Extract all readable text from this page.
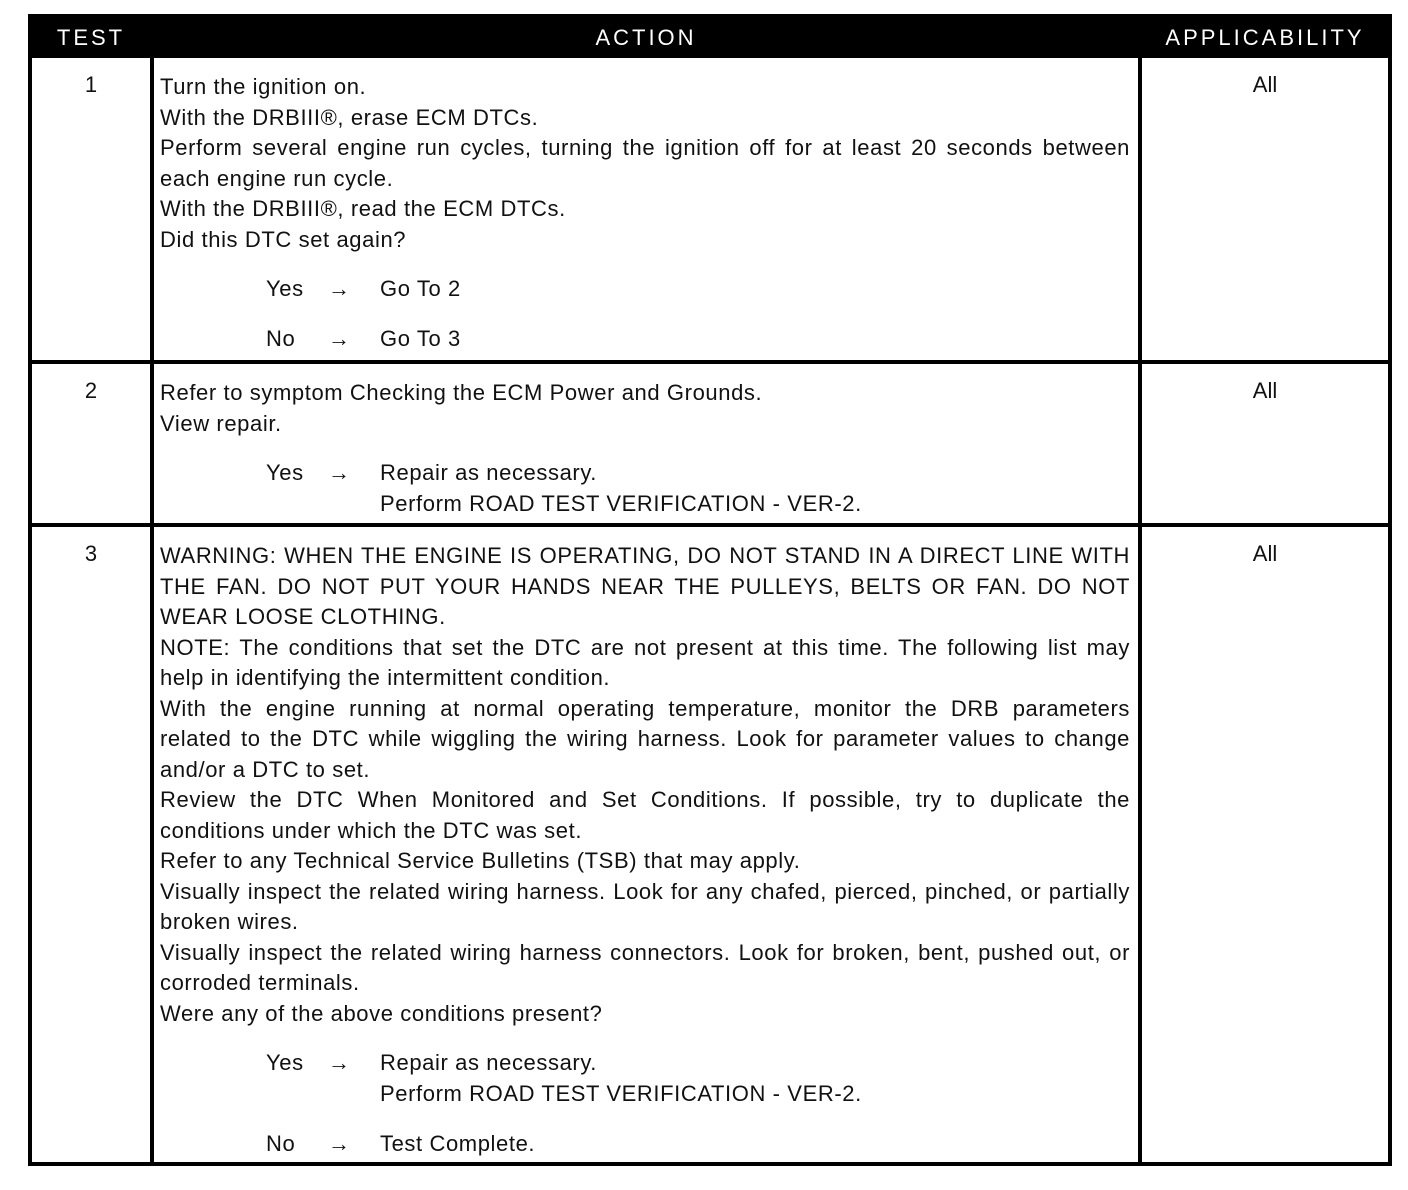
TEST	ACTION	APPLICABILITY
1	Turn the ignition on.

With the DRBIII®, erase ECM DTCs.

Perform several engine run cycles, turning the ignition off for at least 20 seconds between each engine run cycle.

With the DRBIII®, read the ECM DTCs.

Did this DTC set again?

Yes → Go To 2
No → Go To 3
All
2	Refer to symptom Checking the ECM Power and Grounds.

View repair.

Yes → Repair as necessary.
Perform ROAD TEST VERIFICATION - VER-2.
All
3	WARNING: WHEN THE ENGINE IS OPERATING, DO NOT STAND IN A DIRECT LINE WITH THE FAN. DO NOT PUT YOUR HANDS NEAR THE PULLEYS, BELTS OR FAN. DO NOT WEAR LOOSE CLOTHING.

NOTE: The conditions that set the DTC are not present at this time. The following list may help in identifying the intermittent condition.

With the engine running at normal operating temperature, monitor the DRB parameters related to the DTC while wiggling the wiring harness. Look for parameter values to change and/or a DTC to set.

Review the DTC When Monitored and Set Conditions. If possible, try to duplicate the conditions under which the DTC was set.

Refer to any Technical Service Bulletins (TSB) that may apply.

Visually inspect the related wiring harness. Look for any chafed, pierced, pinched, or partially broken wires.

Visually inspect the related wiring harness connectors. Look for broken, bent, pushed out, or corroded terminals.

Were any of the above conditions present?

Yes → Repair as necessary.
Perform ROAD TEST VERIFICATION - VER-2.
No → Test Complete.
All
